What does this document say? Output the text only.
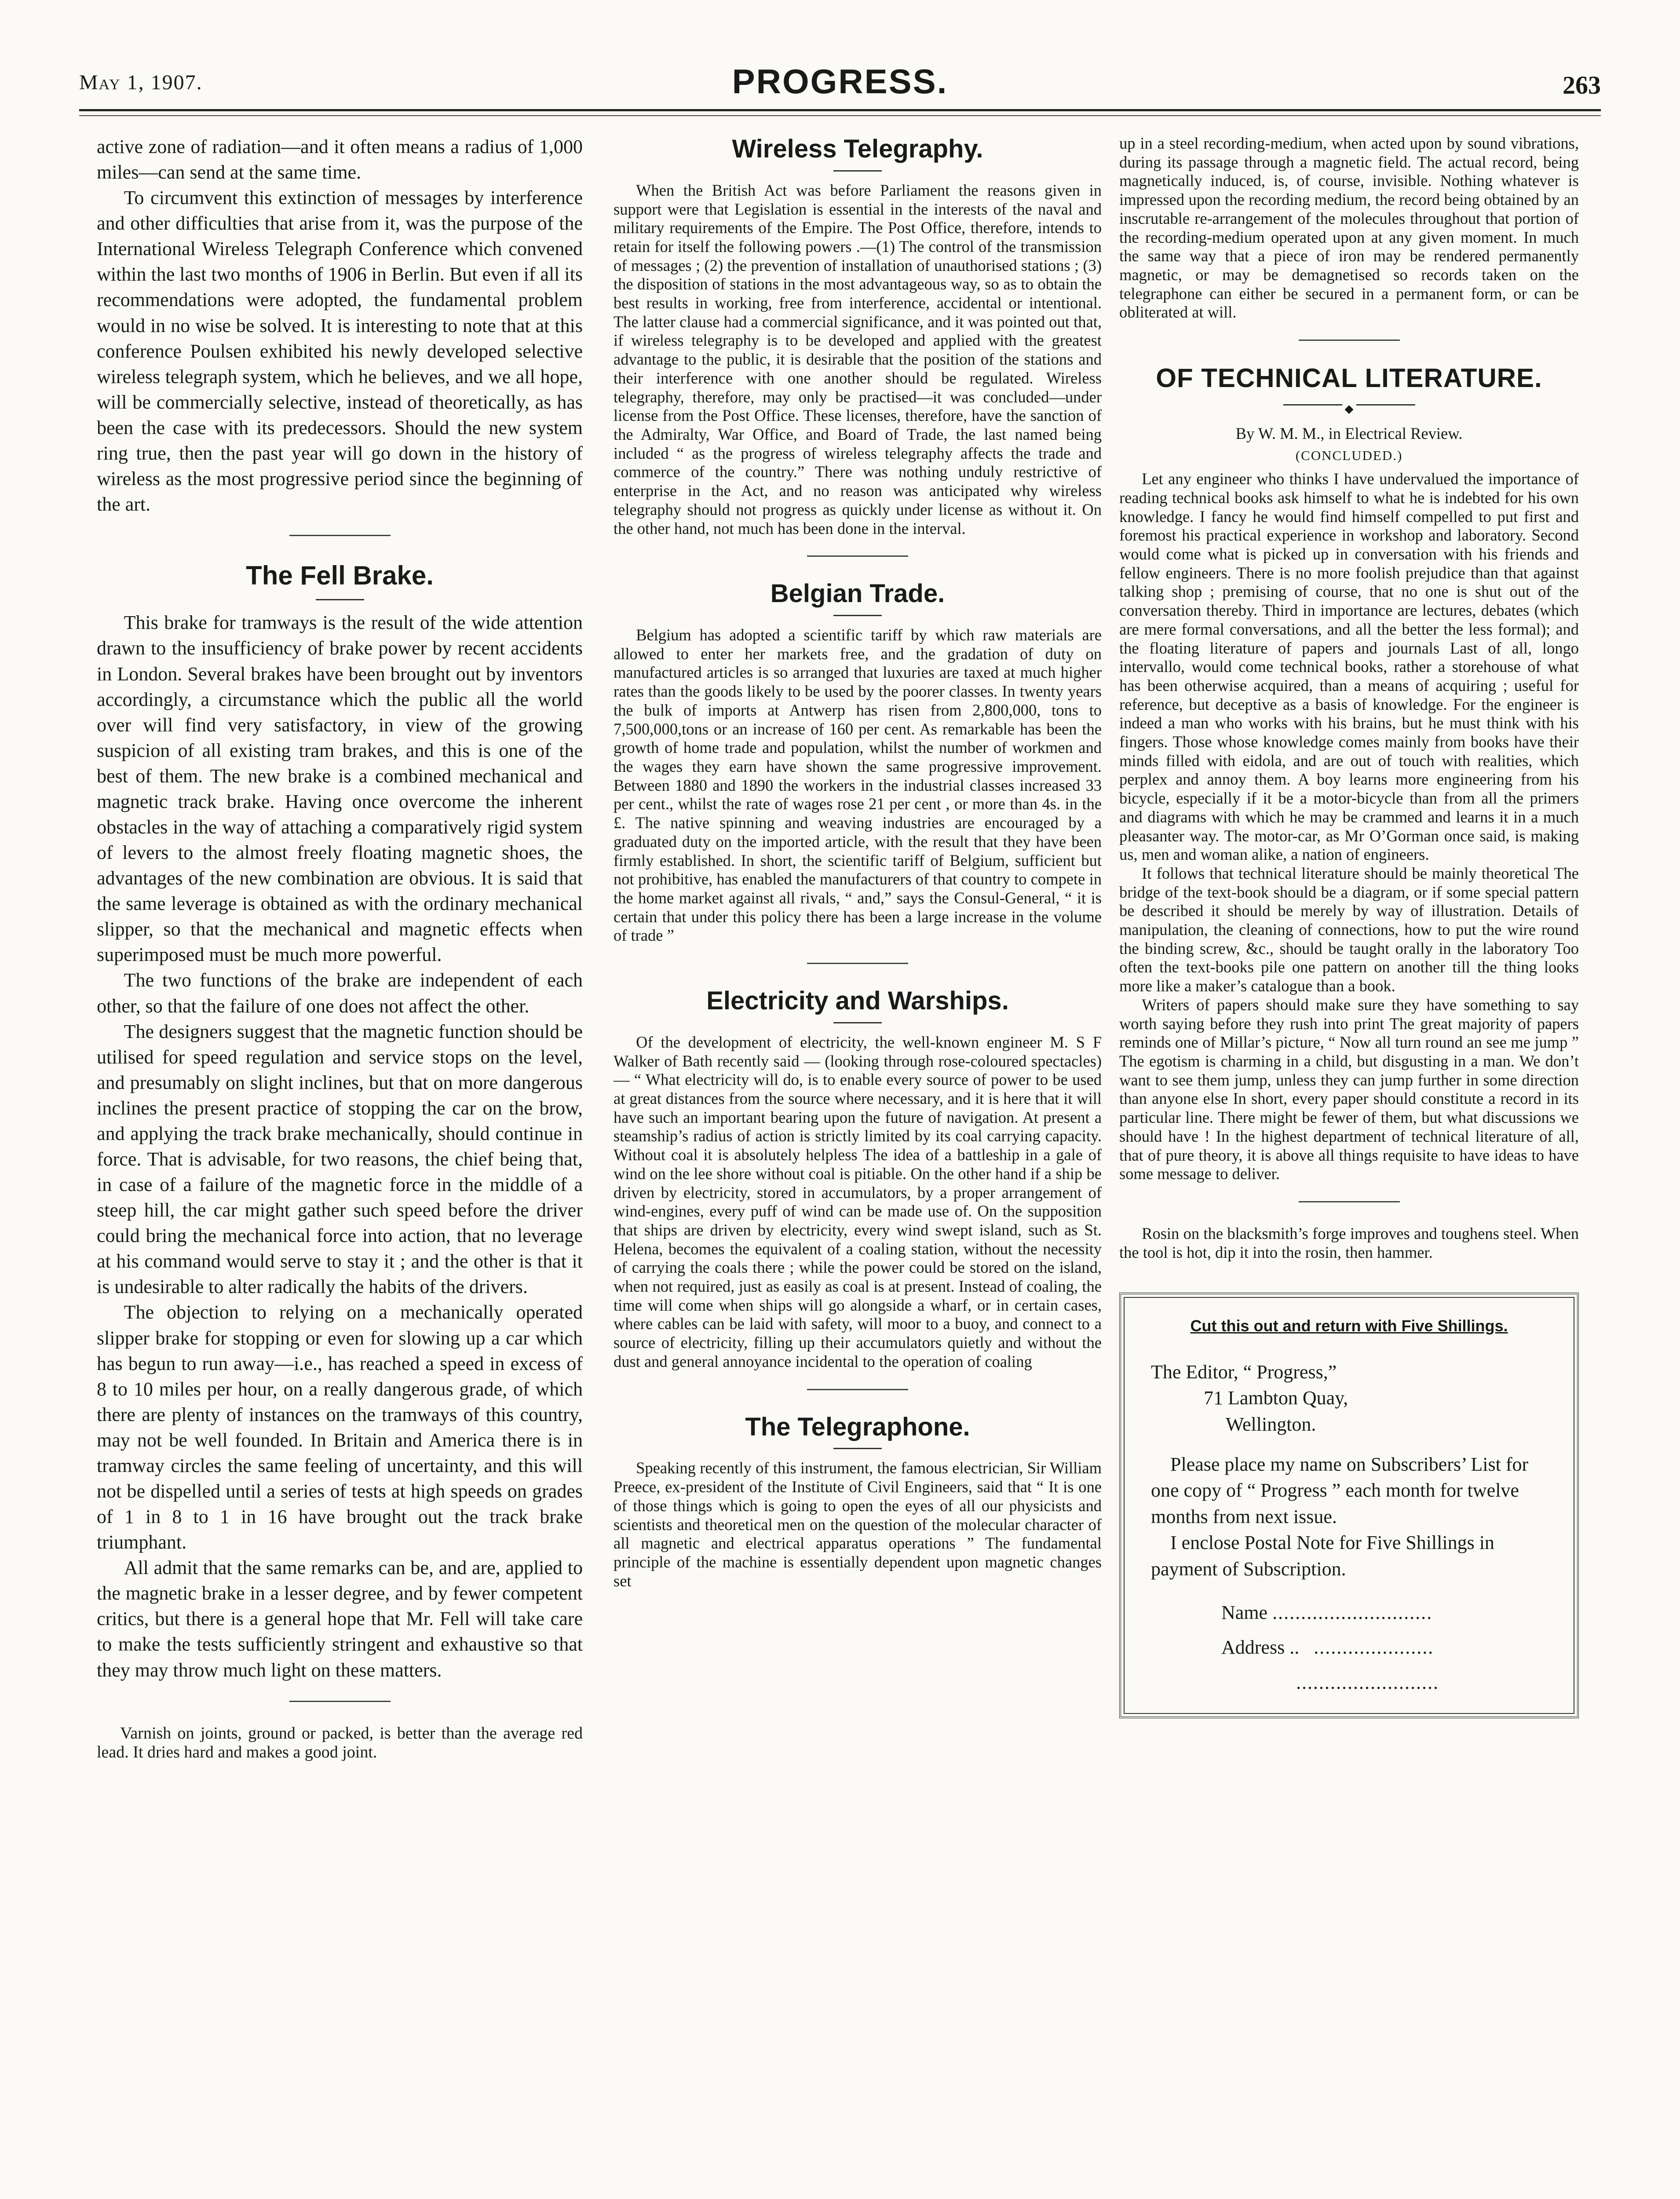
May 1, 1907.	PROGRESS.	263

active zone of radiation—and it often means a radius of 1,000 miles—can send at the same time.

To circumvent this extinction of messages by interference and other difficulties that arise from it, was the purpose of the International Wireless Telegraph Conference which convened within the last two months of 1906 in Berlin. But even if all its recommendations were adopted, the fundamental problem would in no wise be solved. It is interesting to note that at this conference Poulsen exhibited his newly developed selective wireless telegraph system, which he believes, and we all hope, will be commercially selective, instead of theoretically, as has been the case with its predecessors. Should the new system ring true, then the past year will go down in the history of wireless as the most progressive period since the beginning of the art.

The Fell Brake.

This brake for tramways is the result of the wide attention drawn to the insufficiency of brake power by recent accidents in London. Several brakes have been brought out by inventors accordingly, a circumstance which the public all the world over will find very satisfactory, in view of the growing suspicion of all existing tram brakes, and this is one of the best of them. The new brake is a combined mechanical and magnetic track brake. Having once overcome the inherent obstacles in the way of attaching a comparatively rigid system of levers to the almost freely floating magnetic shoes, the advantages of the new combination are obvious. It is said that the same leverage is obtained as with the ordinary mechanical slipper, so that the mechanical and magnetic effects when superimposed must be much more powerful.

The two functions of the brake are independent of each other, so that the failure of one does not affect the other.

The designers suggest that the magnetic function should be utilised for speed regulation and service stops on the level, and presumably on slight inclines, but that on more dangerous inclines the present practice of stopping the car on the brow, and applying the track brake mechanically, should continue in force. That is advisable, for two reasons, the chief being that, in case of a failure of the magnetic force in the middle of a steep hill, the car might gather such speed before the driver could bring the mechanical force into action, that no leverage at his command would serve to stay it ; and the other is that it is undesirable to alter radically the habits of the drivers.

The objection to relying on a mechanically operated slipper brake for stopping or even for slowing up a car which has begun to run away—i.e., has reached a speed in excess of 8 to 10 miles per hour, on a really dangerous grade, of which there are plenty of instances on the tramways of this country, may not be well founded. In Britain and America there is in tramway circles the same feeling of uncertainty, and this will not be dispelled until a series of tests at high speeds on grades of 1 in 8 to 1 in 16 have brought out the track brake triumphant.

All admit that the same remarks can be, and are, applied to the magnetic brake in a lesser degree, and by fewer competent critics, but there is a general hope that Mr. Fell will take care to make the tests sufficiently stringent and exhaustive so that they may throw much light on these matters.

Varnish on joints, ground or packed, is better than the average red lead. It dries hard and makes a good joint.

Wireless Telegraphy.

When the British Act was before Parliament the reasons given in support were that Legislation is essential in the interests of the naval and military requirements of the Empire. The Post Office, therefore, intends to retain for itself the following powers .—(1) The control of the transmission of messages ; (2) the prevention of installation of unauthorised stations ; (3) the disposition of stations in the most advantageous way, so as to obtain the best results in working, free from interference, accidental or intentional. The latter clause had a commercial significance, and it was pointed out that, if wireless telegraphy is to be developed and applied with the greatest advantage to the public, it is desirable that the position of the stations and their interference with one another should be regulated. Wireless telegraphy, therefore, may only be practised—it was concluded—under license from the Post Office. These licenses, therefore, have the sanction of the Admiralty, War Office, and Board of Trade, the last named being included “ as the progress of wireless telegraphy affects the trade and commerce of the country.” There was nothing unduly restrictive of enterprise in the Act, and no reason was anticipated why wireless telegraphy should not progress as quickly under license as without it. On the other hand, not much has been done in the interval.

Belgian Trade.

Belgium has adopted a scientific tariff by which raw materials are allowed to enter her markets free, and the gradation of duty on manufactured articles is so arranged that luxuries are taxed at much higher rates than the goods likely to be used by the poorer classes. In twenty years the bulk of imports at Antwerp has risen from 2,800,000, tons to 7,500,000,tons or an increase of 160 per cent. As remarkable has been the growth of home trade and population, whilst the number of workmen and the wages they earn have shown the same progressive improvement. Between 1880 and 1890 the workers in the industrial classes increased 33 per cent., whilst the rate of wages rose 21 per cent , or more than 4s. in the £. The native spinning and weaving industries are encouraged by a graduated duty on the imported article, with the result that they have been firmly established. In short, the scientific tariff of Belgium, sufficient but not prohibitive, has enabled the manufacturers of that country to compete in the home market against all rivals, “ and,” says the Consul-General, “ it is certain that under this policy there has been a large increase in the volume of trade ”

Electricity and Warships.

Of the development of electricity, the well-known engineer M. S F Walker of Bath recently said — (looking through rose-coloured spectacles) — “ What electricity will do, is to enable every source of power to be used at great distances from the source where necessary, and it is here that it will have such an important bearing upon the future of navigation. At present a steamship’s radius of action is strictly limited by its coal carrying capacity. Without coal it is absolutely helpless The idea of a battleship in a gale of wind on the lee shore without coal is pitiable. On the other hand if a ship be driven by electricity, stored in accumulators, by a proper arrangement of wind-engines, every puff of wind can be made use of. On the supposition that ships are driven by electricity, every wind swept island, such as St. Helena, becomes the equivalent of a coaling station, without the necessity of carrying the coals there ; while the power could be stored on the island, when not required, just as easily as coal is at present. Instead of coaling, the time will come when ships will go alongside a wharf, or in certain cases, where cables can be laid with safety, will moor to a buoy, and connect to a source of electricity, filling up their accumulators quietly and without the dust and general annoyance incidental to the operation of coaling

The Telegraphone.

Speaking recently of this instrument, the famous electrician, Sir William Preece, ex-president of the Institute of Civil Engineers, said that “ It is one of those things which is going to open the eyes of all our physicists and scientists and theoretical men on the question of the molecular character of all magnetic and electrical apparatus operations ” The fundamental principle of the machine is essentially dependent upon magnetic changes set

up in a steel recording-medium, when acted upon by sound vibrations, during its passage through a magnetic field. The actual record, being magnetically induced, is, of course, invisible. Nothing whatever is impressed upon the recording medium, the record being obtained by an inscrutable re-arrangement of the molecules throughout that portion of the recording-medium operated upon at any given moment. In much the same way that a piece of iron may be rendered permanently magnetic, or may be demagnetised so records taken on the telegraphone can either be secured in a permanent form, or can be obliterated at will.

OF TECHNICAL LITERATURE.
◆
By W. M. M., in Electrical Review.
(CONCLUDED.)

Let any engineer who thinks I have undervalued the importance of reading technical books ask himself to what he is indebted for his own knowledge. I fancy he would find himself compelled to put first and foremost his practical experience in workshop and laboratory. Second would come what is picked up in conversation with his friends and fellow engineers. There is no more foolish prejudice than that against talking shop ; premising of course, that no one is shut out of the conversation thereby. Third in importance are lectures, debates (which are mere formal conversations, and all the better the less formal); and the floating literature of papers and journals Last of all, longo intervallo, would come technical books, rather a storehouse of what has been otherwise acquired, than a means of acquiring ; useful for reference, but deceptive as a basis of knowledge. For the engineer is indeed a man who works with his brains, but he must think with his fingers. Those whose knowledge comes mainly from books have their minds filled with eidola, and are out of touch with realities, which perplex and annoy them. A boy learns more engineering from his bicycle, especially if it be a motor-bicycle than from all the primers and diagrams with which he may be crammed and learns it in a much pleasanter way. The motor-car, as Mr O’Gorman once said, is making us, men and woman alike, a nation of engineers.

It follows that technical literature should be mainly theoretical The bridge of the text-book should be a diagram, or if some special pattern be described it should be merely by way of illustration. Details of manipulation, the cleaning of connections, how to put the wire round the binding screw, &c., should be taught orally in the laboratory Too often the text-books pile one pattern on another till the thing looks more like a maker’s catalogue than a book.

Writers of papers should make sure they have something to say worth saying before they rush into print The great majority of papers reminds one of Millar’s picture, “ Now all turn round an see me jump ” The egotism is charming in a child, but disgusting in a man. We don’t want to see them jump, unless they can jump further in some direction than anyone else In short, every paper should constitute a record in its particular line. There might be fewer of them, but what discussions we should have ! In the highest department of technical literature of all, that of pure theory, it is above all things requisite to have ideas to have some message to deliver.

Rosin on the blacksmith’s forge improves and toughens steel. When the tool is hot, dip it into the rosin, then hammer.

Cut this out and return with Five Shillings.
The Editor, “ Progress,”
71 Lambton Quay,
Wellington.
Please place my name on Subscribers’ List for one copy of “ Progress ” each month for twelve months from next issue.
I enclose Postal Note for Five Shillings in payment of Subscription.
Name ............................
Address .. .....................
.........................
